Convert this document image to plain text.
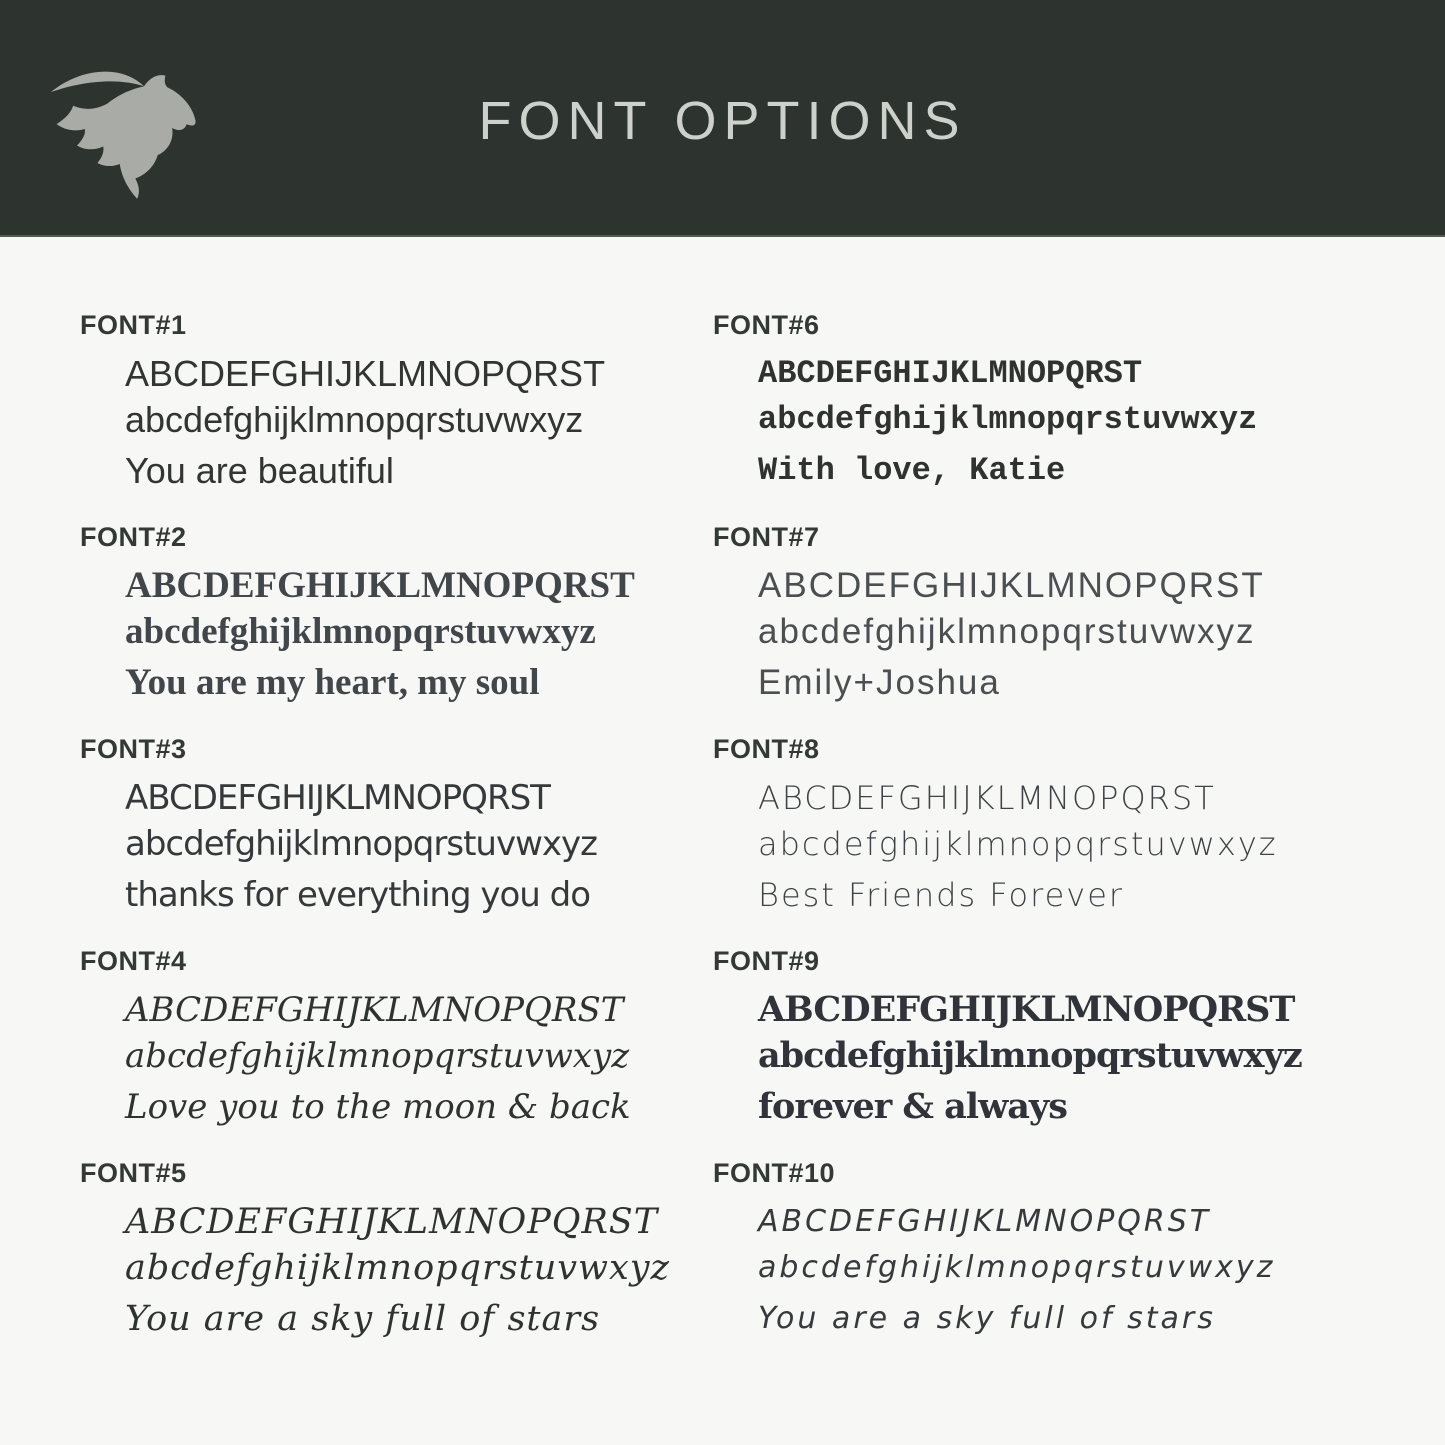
FONT OPTIONS
FONT#1
ABCDEFGHIJKLMNOPQRST
abcdefghijklmnopqrstuvwxyz
You are beautiful
FONT#2
ABCDEFGHIJKLMNOPQRST
abcdefghijklmnopqrstuvwxyz
You are my heart, my soul
FONT#3
ABCDEFGHIJKLMNOPQRST
abcdefghijklmnopqrstuvwxyz
thanks for everything you do
FONT#4
ABCDEFGHIJKLMNOPQRST
abcdefghijklmnopqrstuvwxyz
Love you to the moon & back
FONT#5
ABCDEFGHIJKLMNOPQRST
abcdefghijklmnopqrstuvwxyz
You are a sky full of stars
FONT#6
ABCDEFGHIJKLMNOPQRST
abcdefghijklmnopqrstuvwxyz
With love, Katie
FONT#7
ABCDEFGHIJKLMNOPQRST
abcdefghijklmnopqrstuvwxyz
Emily+Joshua
FONT#8
ABCDEFGHIJKLMNOPQRST
abcdefghijklmnopqrstuvwxyz
Best Friends Forever
FONT#9
ABCDEFGHIJKLMNOPQRST
abcdefghijklmnopqrstuvwxyz
forever & always
FONT#10
ABCDEFGHIJKLMNOPQRST
abcdefghijklmnopqrstuvwxyz
You are a sky full of stars
